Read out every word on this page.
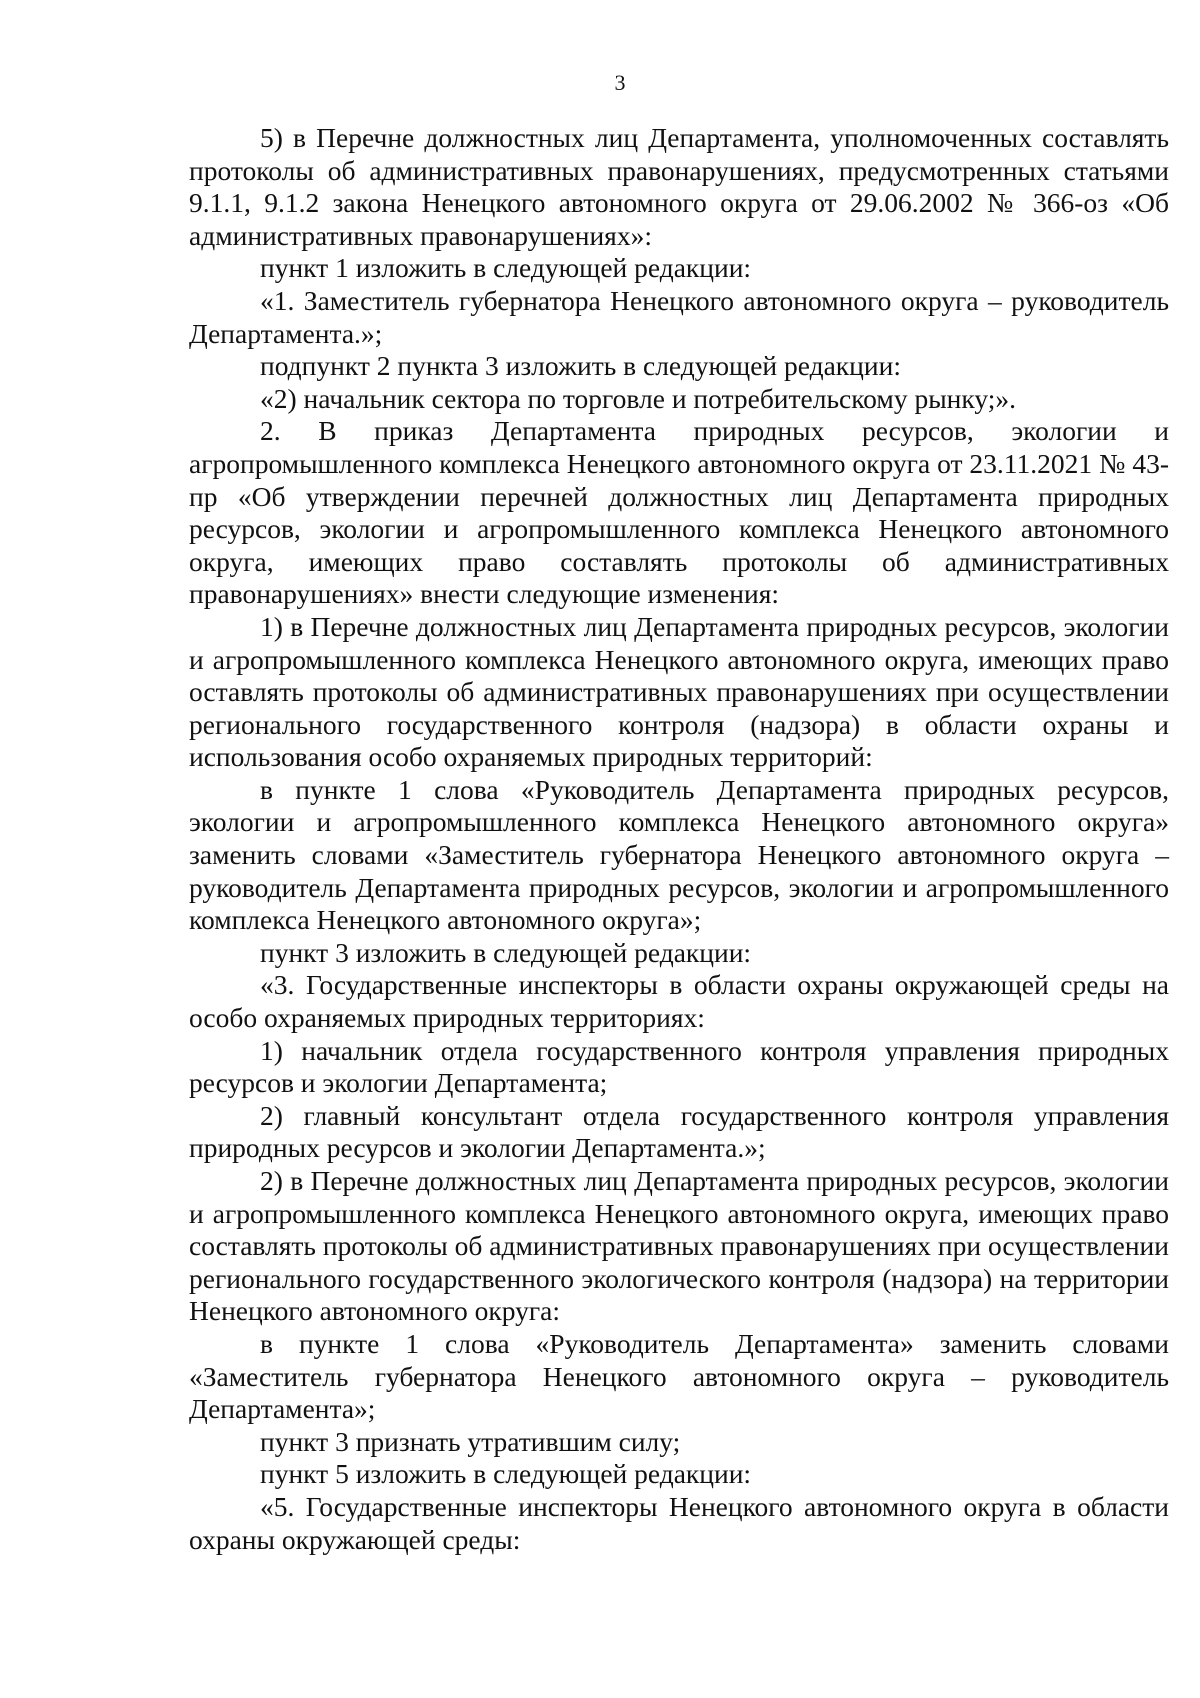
3

5) в Перечне должностных лиц Департамента, уполномоченных составлять протоколы об административных правонарушениях, предусмотренных статьями 9.1.1, 9.1.2 закона Ненецкого автономного округа от 29.06.2002 № 366-оз «Об административных правонарушениях»:

пункт 1 изложить в следующей редакции:

«1. Заместитель губернатора Ненецкого автономного округа – руководитель Департамента.»;

подпункт 2 пункта 3 изложить в следующей редакции:

«2) начальник сектора по торговле и потребительскому рынку;».

2. В приказ Департамента природных ресурсов, экологии и агропромышленного комплекса Ненецкого автономного округа от 23.11.2021 № 43-пр «Об утверждении перечней должностных лиц Департамента природных ресурсов, экологии и агропромышленного комплекса Ненецкого автономного округа, имеющих право составлять протоколы об административных правонарушениях» внести следующие изменения:

1) в Перечне должностных лиц Департамента природных ресурсов, экологии и агропромышленного комплекса Ненецкого автономного округа, имеющих право оставлять протоколы об административных правонарушениях при осуществлении регионального государственного контроля (надзора) в области охраны и использования особо охраняемых природных территорий:

в пункте 1 слова «Руководитель Департамента природных ресурсов, экологии и агропромышленного комплекса Ненецкого автономного округа» заменить словами «Заместитель губернатора Ненецкого автономного округа – руководитель Департамента природных ресурсов, экологии и агропромышленного комплекса Ненецкого автономного округа»;

пункт 3 изложить в следующей редакции:

«3. Государственные инспекторы в области охраны окружающей среды на особо охраняемых природных территориях:

1) начальник отдела государственного контроля управления природных ресурсов и экологии Департамента;

2) главный консультант отдела государственного контроля управления природных ресурсов и экологии Департамента.»;

2) в Перечне должностных лиц Департамента природных ресурсов, экологии и агропромышленного комплекса Ненецкого автономного округа, имеющих право составлять протоколы об административных правонарушениях при осуществлении регионального государственного экологического контроля (надзора) на территории Ненецкого автономного округа:

в пункте 1 слова «Руководитель Департамента» заменить словами «Заместитель губернатора Ненецкого автономного округа – руководитель Департамента»;

пункт 3 признать утратившим силу;

пункт 5 изложить в следующей редакции:

«5. Государственные инспекторы Ненецкого автономного округа в области охраны окружающей среды:
